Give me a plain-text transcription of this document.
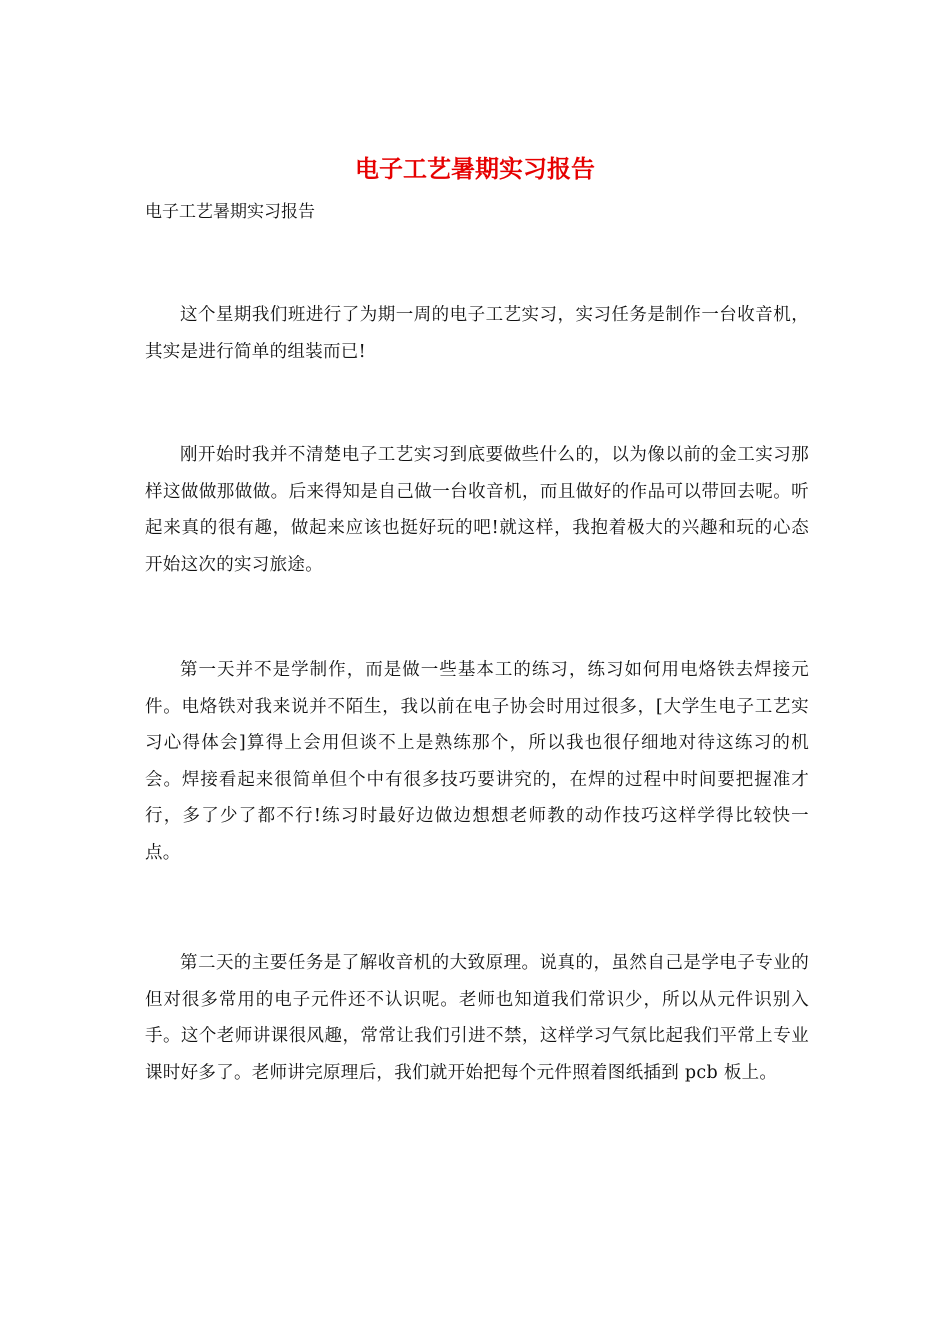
电子工艺暑期实习报告

电子工艺暑期实习报告

这个星期我们班进行了为期一周的电子工艺实习，实习任务是制作一台收音机，其实是进行简单的组装而已!

刚开始时我并不清楚电子工艺实习到底要做些什么的，以为像以前的金工实习那样这做做那做做。后来得知是自己做一台收音机，而且做好的作品可以带回去呢。听起来真的很有趣，做起来应该也挺好玩的吧!就这样，我抱着极大的兴趣和玩的心态开始这次的实习旅途。

第一天并不是学制作，而是做一些基本工的练习，练习如何用电烙铁去焊接元件。电烙铁对我来说并不陌生，我以前在电子协会时用过很多，[大学生电子工艺实习心得体会]算得上会用但谈不上是熟练那个，所以我也很仔细地对待这练习的机会。焊接看起来很简单但个中有很多技巧要讲究的，在焊的过程中时间要把握准才行，多了少了都不行!练习时最好边做边想想老师教的动作技巧这样学得比较快一点。

第二天的主要任务是了解收音机的大致原理。说真的，虽然自己是学电子专业的但对很多常用的电子元件还不认识呢。老师也知道我们常识少，所以从元件识别入手。这个老师讲课很风趣，常常让我们引进不禁，这样学习气氛比起我们平常上专业课时好多了。老师讲完原理后，我们就开始把每个元件照着图纸插到 pcb 板上。
